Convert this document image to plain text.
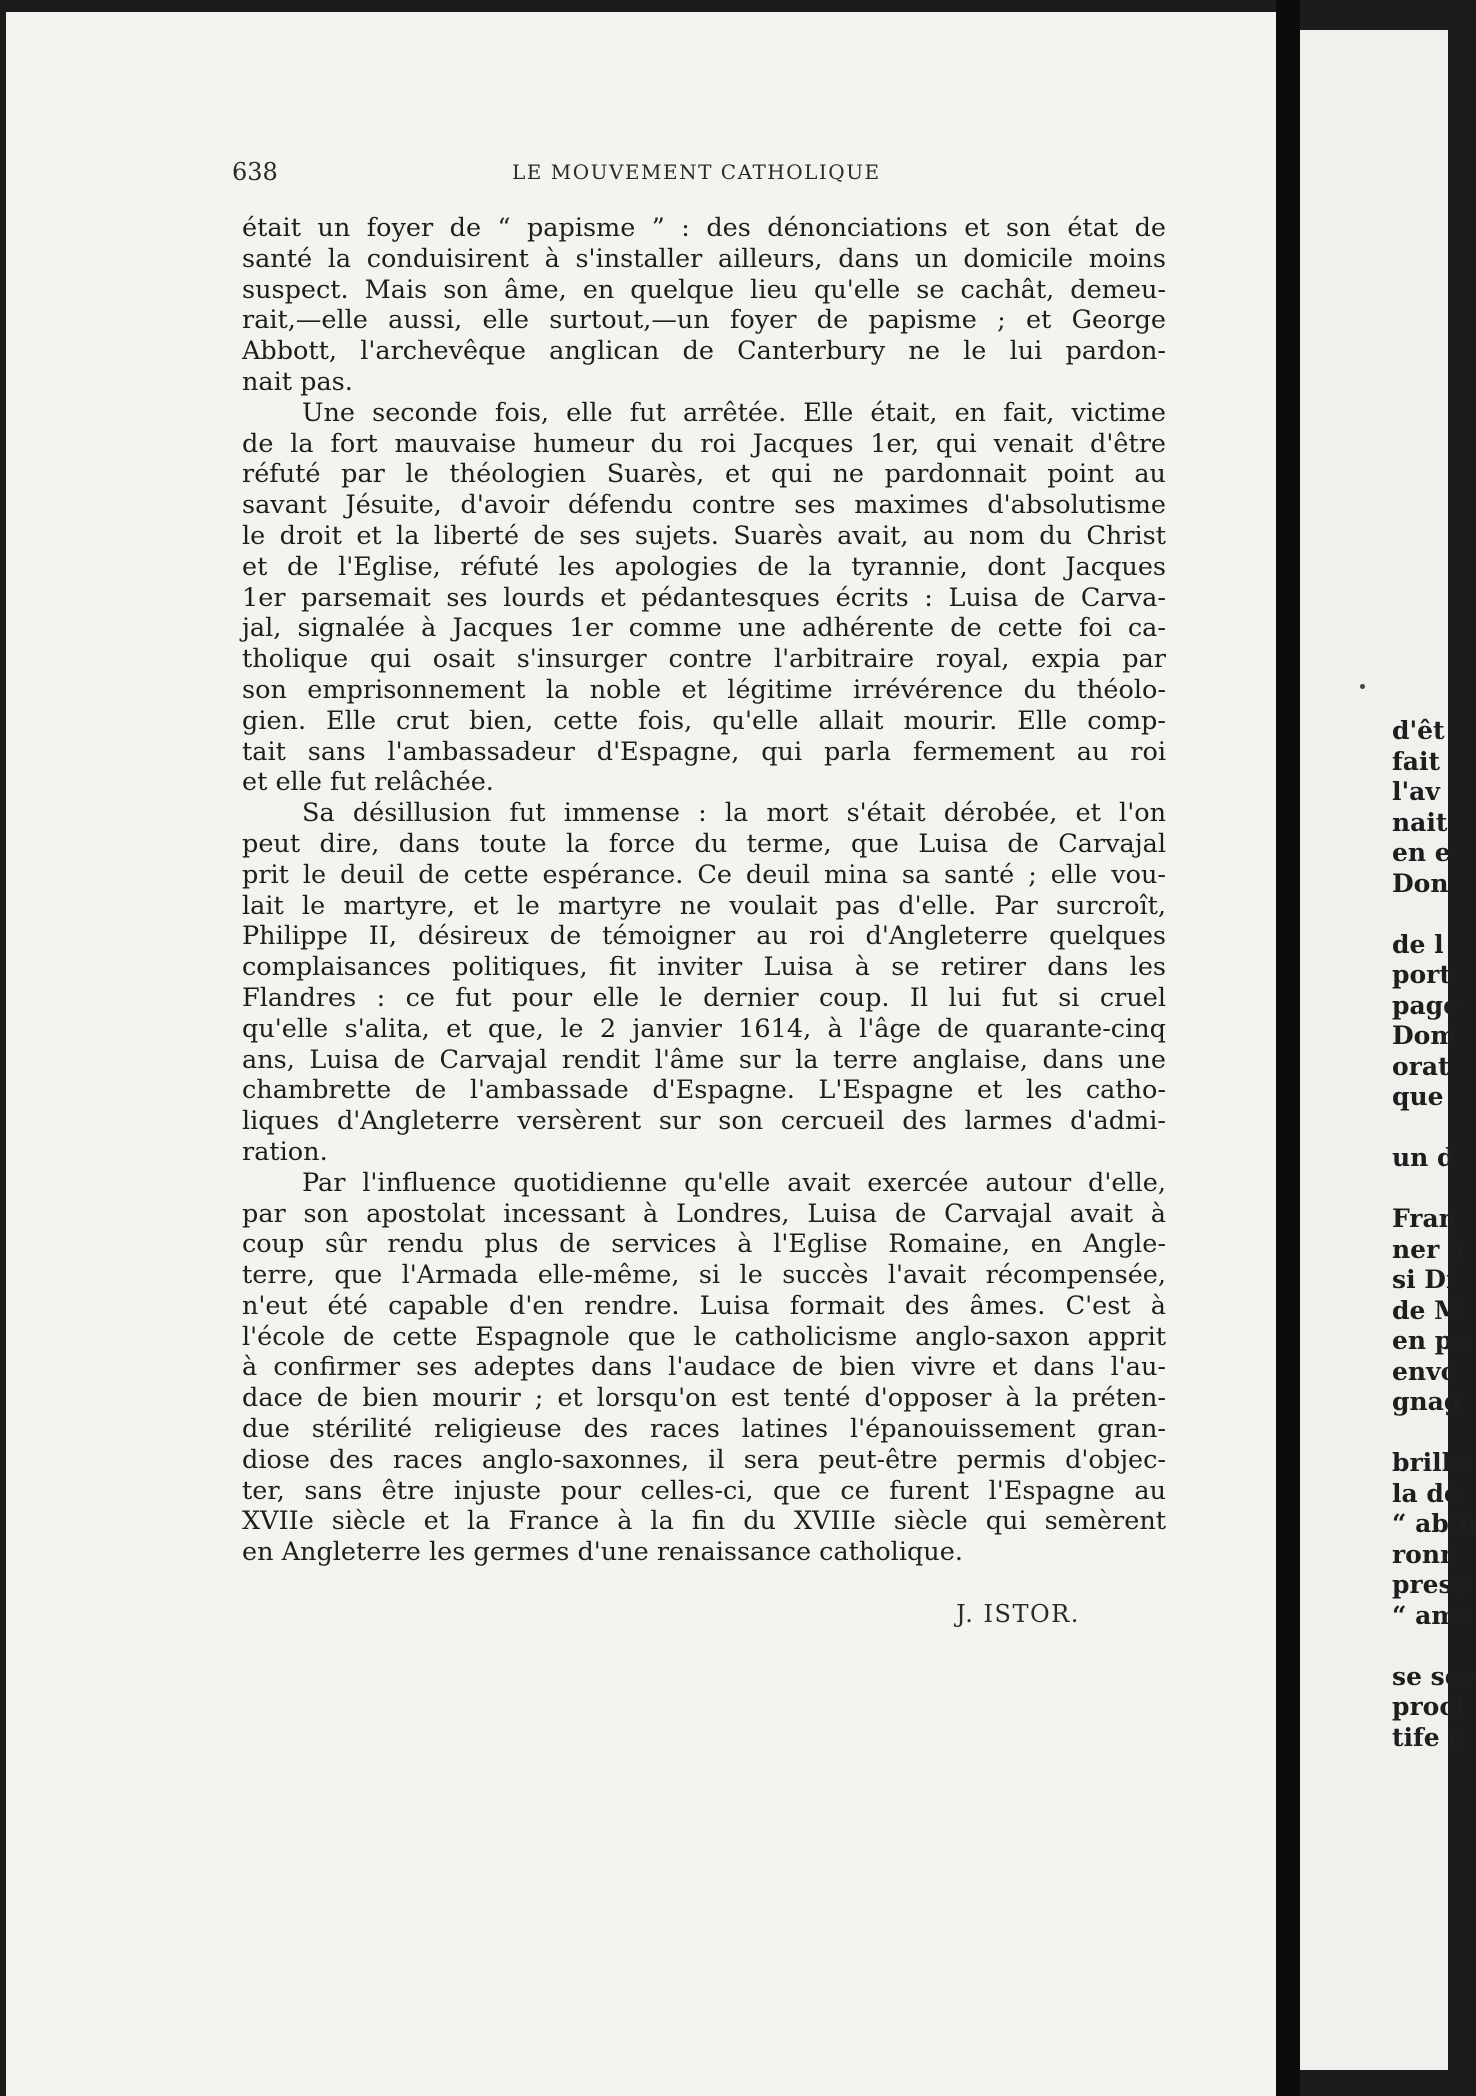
d'êt
fait
l'av
nait
en e
Don

de l
port
page
Dom
orat
que

un d

Fran
ner à
si Di
de M
en pe
envo
gnag

brille
la dé
“ abîn
ronn
press
“ amc

se ser
procl
tife e
638	LE MOUVEMENT CATHOLIQUE
était un foyer de “ papisme ” : des dénonciations et son état de
santé la conduisirent à s'installer ailleurs, dans un domicile moins
suspect. Mais son âme, en quelque lieu qu'elle se cachât, demeu-
rait,—elle aussi, elle surtout,—un foyer de papisme ; et George
Abbott, l'archevêque anglican de Canterbury ne le lui pardon-
nait pas.
Une seconde fois, elle fut arrêtée. Elle était, en fait, victime
de la fort mauvaise humeur du roi Jacques 1er, qui venait d'être
réfuté par le théologien Suarès, et qui ne pardonnait point au
savant Jésuite, d'avoir défendu contre ses maximes d'absolutisme
le droit et la liberté de ses sujets. Suarès avait, au nom du Christ
et de l'Eglise, réfuté les apologies de la tyrannie, dont Jacques
1er parsemait ses lourds et pédantesques écrits : Luisa de Carva-
jal, signalée à Jacques 1er comme une adhérente de cette foi ca-
tholique qui osait s'insurger contre l'arbitraire royal, expia par
son emprisonnement la noble et légitime irrévérence du théolo-
gien. Elle crut bien, cette fois, qu'elle allait mourir. Elle comp-
tait sans l'ambassadeur d'Espagne, qui parla fermement au roi
et elle fut relâchée.
Sa désillusion fut immense : la mort s'était dérobée, et l'on
peut dire, dans toute la force du terme, que Luisa de Carvajal
prit le deuil de cette espérance. Ce deuil mina sa santé ; elle vou-
lait le martyre, et le martyre ne voulait pas d'elle. Par surcroît,
Philippe II, désireux de témoigner au roi d'Angleterre quelques
complaisances politiques, fit inviter Luisa à se retirer dans les
Flandres : ce fut pour elle le dernier coup. Il lui fut si cruel
qu'elle s'alita, et que, le 2 janvier 1614, à l'âge de quarante-cinq
ans, Luisa de Carvajal rendit l'âme sur la terre anglaise, dans une
chambrette de l'ambassade d'Espagne. L'Espagne et les catho-
liques d'Angleterre versèrent sur son cercueil des larmes d'admi-
ration.
Par l'influence quotidienne qu'elle avait exercée autour d'elle,
par son apostolat incessant à Londres, Luisa de Carvajal avait à
coup sûr rendu plus de services à l'Eglise Romaine, en Angle-
terre, que l'Armada elle-même, si le succès l'avait récompensée,
n'eut été capable d'en rendre. Luisa formait des âmes. C'est à
l'école de cette Espagnole que le catholicisme anglo-saxon apprit
à confirmer ses adeptes dans l'audace de bien vivre et dans l'au-
dace de bien mourir ; et lorsqu'on est tenté d'opposer à la préten-
due stérilité religieuse des races latines l'épanouissement gran-
diose des races anglo-saxonnes, il sera peut-être permis d'objec-
ter, sans être injuste pour celles-ci, que ce furent l'Espagne au
XVIIe siècle et la France à la fin du XVIIIe siècle qui semèrent
en Angleterre les germes d'une renaissance catholique.
J. ISTOR.
